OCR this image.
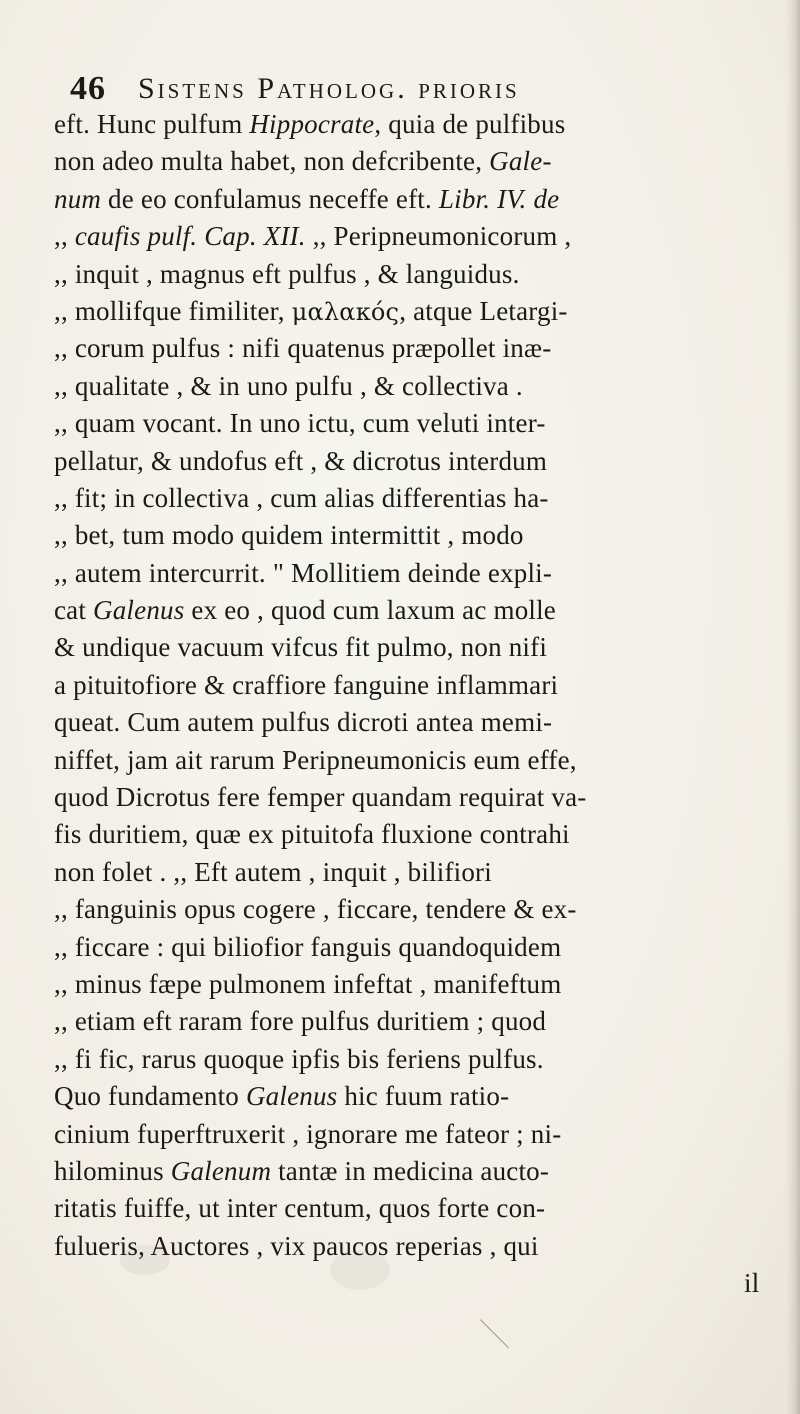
46 Sistens Patholog. prioris
eft. Hunc pulfum Hippocrate, quia de pulfibus
non adeo multa habet, non defcribente, Gale-
num de eo confulamus neceffe eft. Libr. IV. de
,, caufis pulf. Cap. XII. ,, Peripneumonicorum ,
,, inquit , magnus eft pulfus , & languidus.
,, mollifque fimiliter, μαλακός, atque Letargi-
,, corum pulfus : nifi quatenus præpollet inæ-
,, qualitate , & in uno pulfu , & collectiva .
,, quam vocant. In uno ictu, cum veluti inter-
pellatur, & undofus eft , & dicrotus interdum
,, fit; in collectiva , cum alias differentias ha-
,, bet, tum modo quidem intermittit , modo
,, autem intercurrit. " Mollitiem deinde expli-
cat Galenus ex eo , quod cum laxum ac molle
& undique vacuum vifcus fit pulmo, non nifi
a pituitofiore & craffiore fanguine inflammari
queat. Cum autem pulfus dicroti antea memi-
niffet, jam ait rarum Peripneumonicis eum effe,
quod Dicrotus fere femper quandam requirat va-
fis duritiem, quæ ex pituitofa fluxione contrahi
non folet . ,, Eft autem , inquit , bilifiori
,, fanguinis opus cogere , ficcare, tendere & ex-
,, ficcare : qui biliofior fanguis quandoquidem
,, minus fæpe pulmonem infeftat , manifeftum
,, etiam eft raram fore pulfus duritiem ; quod
,, fi fic, rarus quoque ipfis bis feriens pulfus.
Quo fundamento Galenus hic fuum ratio-
cinium fuperftruxerit , ignorare me fateor ; ni-
hilominus Galenum tantæ in medicina aucto-
ritatis fuiffe, ut inter centum, quos forte con-
fulueris, Auctores , vix paucos reperias , qui
il
